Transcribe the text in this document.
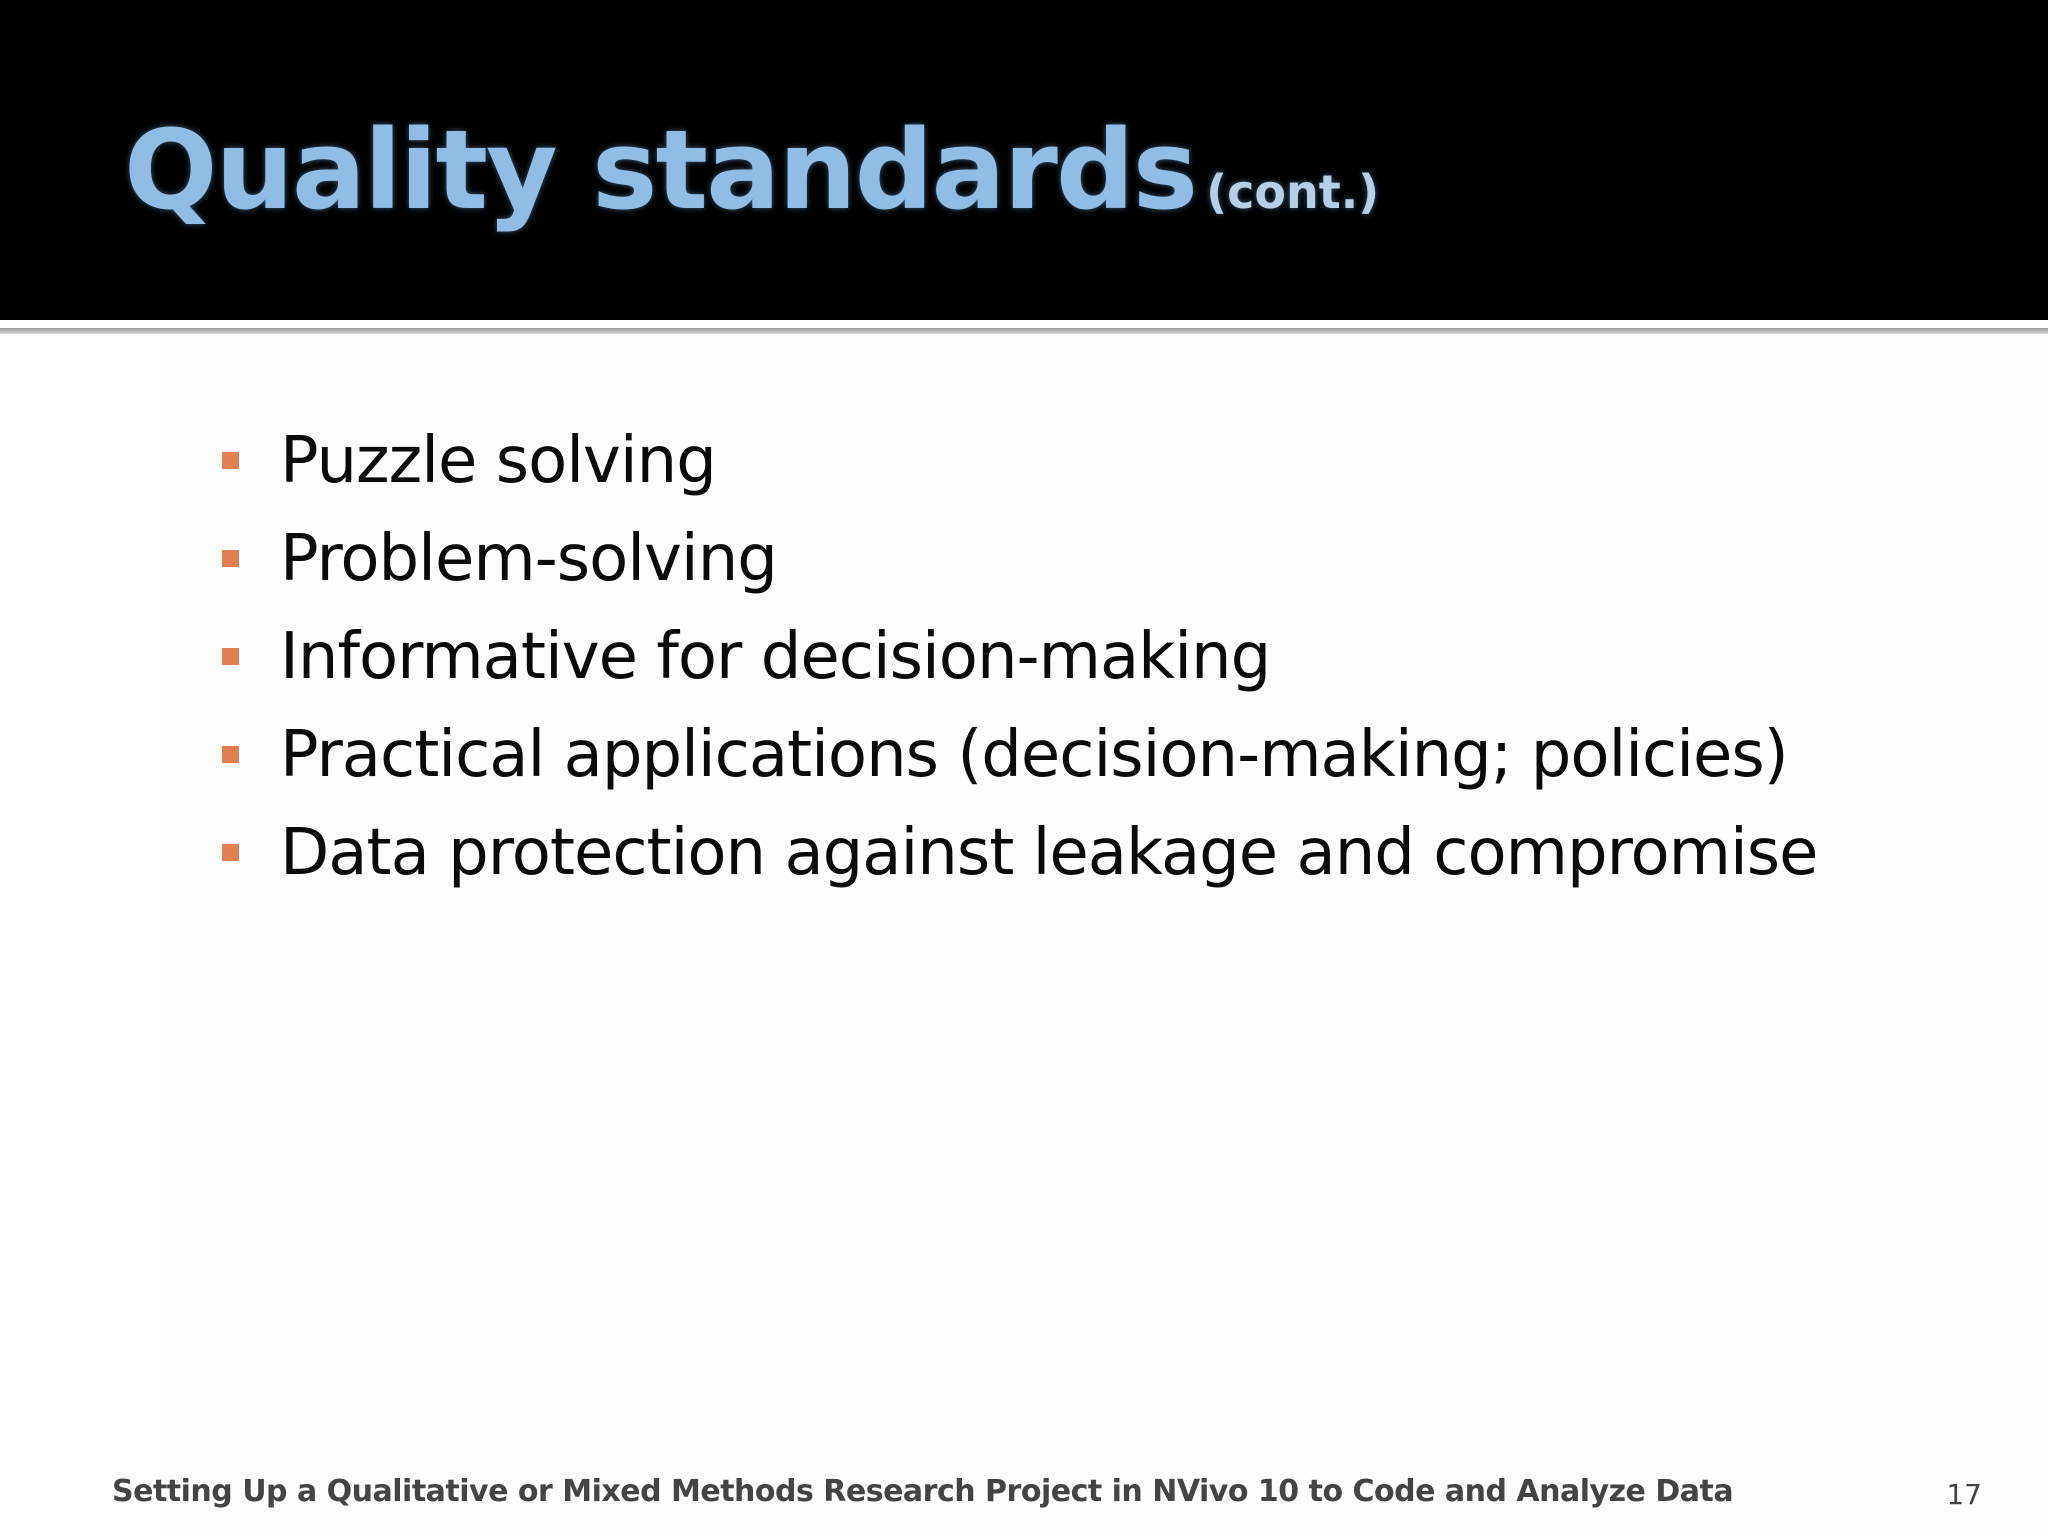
Quality standards (cont.)
Puzzle solving
Problem-solving
Informative for decision-making
Practical applications (decision-making; policies)
Data protection against leakage and compromise
Setting Up a Qualitative or Mixed Methods Research Project in NVivo 10 to Code and Analyze Data	17
